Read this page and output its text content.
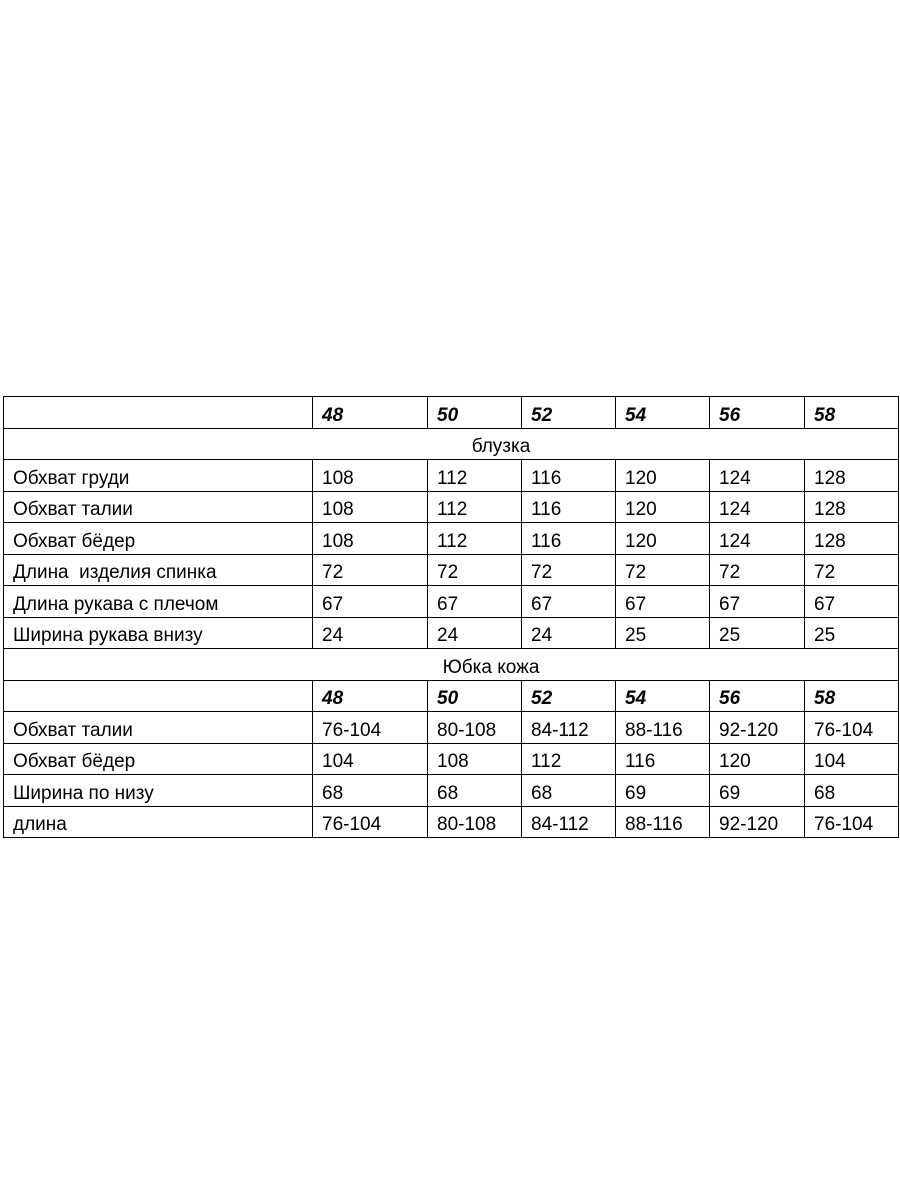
	48	50	52	54	56	58
блузка						
Обхват груди	108	112	116	120	124	128
Обхват талии	108	112	116	120	124	128
Обхват бёдер	108	112	116	120	124	128
Длина  изделия спинка	72	72	72	72	72	72
Длина рукава с плечом	67	67	67	67	67	67
Ширина рукава внизу	24	24	24	25	25	25
Юбка кожа						
	48	50	52	54	56	58
Обхват талии	76-104	80-108	84-112	88-116	92-120	76-104
Обхват бёдер	104	108	112	116	120	104
Ширина по низу	68	68	68	69	69	68
длина	76-104	80-108	84-112	88-116	92-120	76-104
